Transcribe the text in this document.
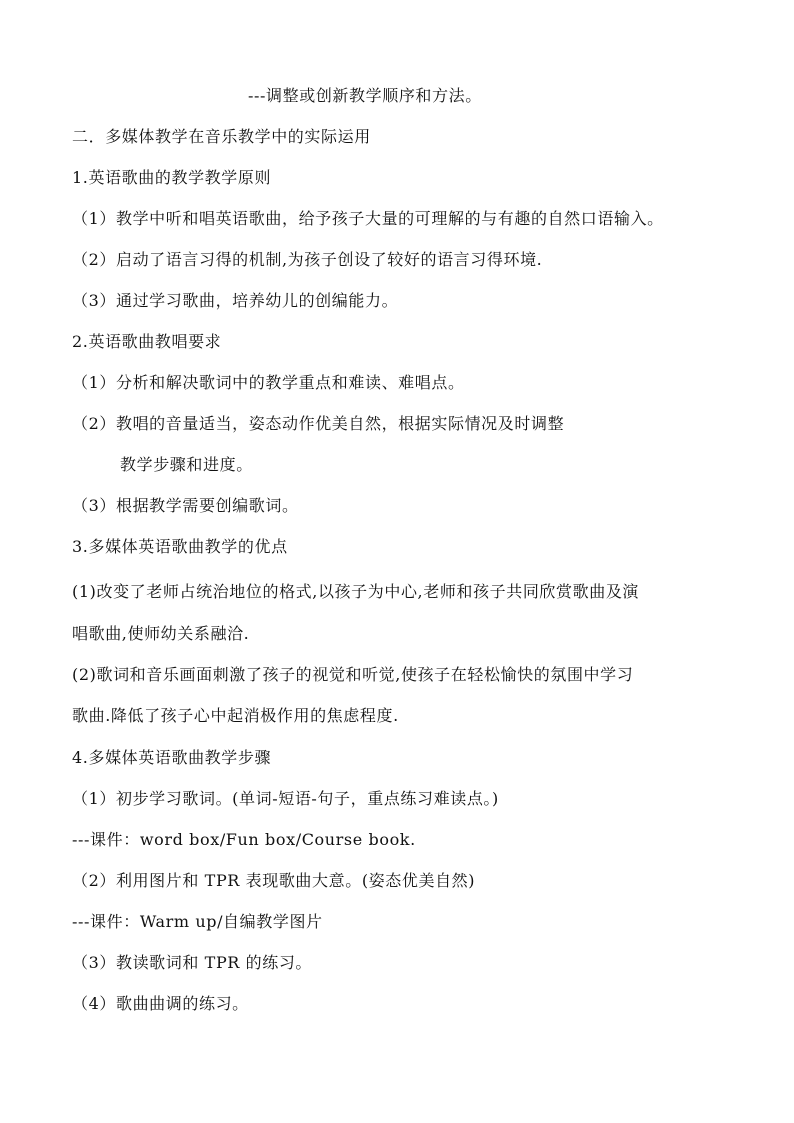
---调整或创新教学顺序和方法。
二．多媒体教学在音乐教学中的实际运用
1.英语歌曲的教学教学原则
（1）教学中听和唱英语歌曲，给予孩子大量的可理解的与有趣的自然口语输入。
（2）启动了语言习得的机制,为孩子创设了较好的语言习得环境.
（3）通过学习歌曲，培养幼儿的创编能力。
2.英语歌曲教唱要求
（1）分析和解决歌词中的教学重点和难读、难唱点。
（2）教唱的音量适当，姿态动作优美自然，根据实际情况及时调整
教学步骤和进度。
（3）根据教学需要创编歌词。
3.多媒体英语歌曲教学的优点
(1)改变了老师占统治地位的格式,以孩子为中心,老师和孩子共同欣赏歌曲及演
唱歌曲,使师幼关系融洽.
(2)歌词和音乐画面刺激了孩子的视觉和听觉,使孩子在轻松愉快的氛围中学习
歌曲.降低了孩子心中起消极作用的焦虑程度.
4.多媒体英语歌曲教学步骤
（1）初步学习歌词。(单词-短语-句子，重点练习难读点。)
---课件：word box/Fun box/Course book.
（2）利用图片和 TPR 表现歌曲大意。(姿态优美自然)
---课件：Warm up/自编教学图片
（3）教读歌词和 TPR 的练习。
（4）歌曲曲调的练习。
